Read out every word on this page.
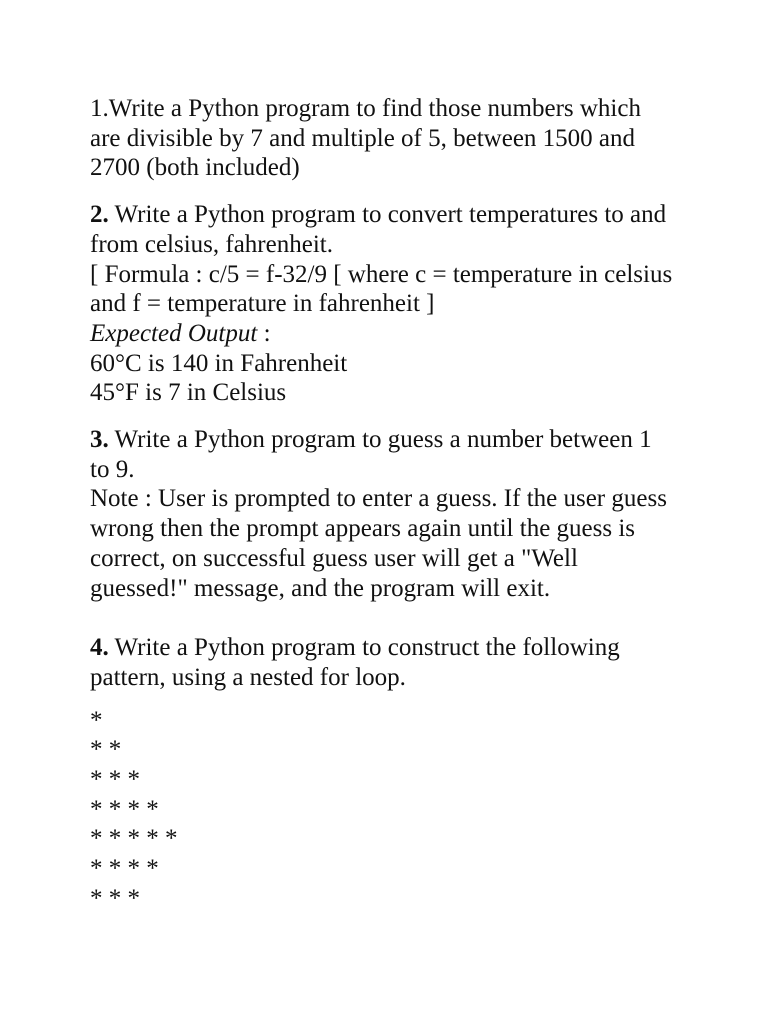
1.Write a Python program to find those numbers which
are divisible by 7 and multiple of 5, between 1500 and
2700 (both included)
2. Write a Python program to convert temperatures to and
from celsius, fahrenheit.
[ Formula : c/5 = f-32/9 [ where c = temperature in celsius
and f = temperature in fahrenheit ]
Expected Output :
60°C is 140 in Fahrenheit
45°F is 7 in Celsius
3. Write a Python program to guess a number between 1
to 9.
Note : User is prompted to enter a guess. If the user guess
wrong then the prompt appears again until the guess is
correct, on successful guess user will get a "Well
guessed!" message, and the program will exit.
4. Write a Python program to construct the following
pattern, using a nested for loop.
*
* *
* * *
* * * *
* * * * *
* * * *
* * *
